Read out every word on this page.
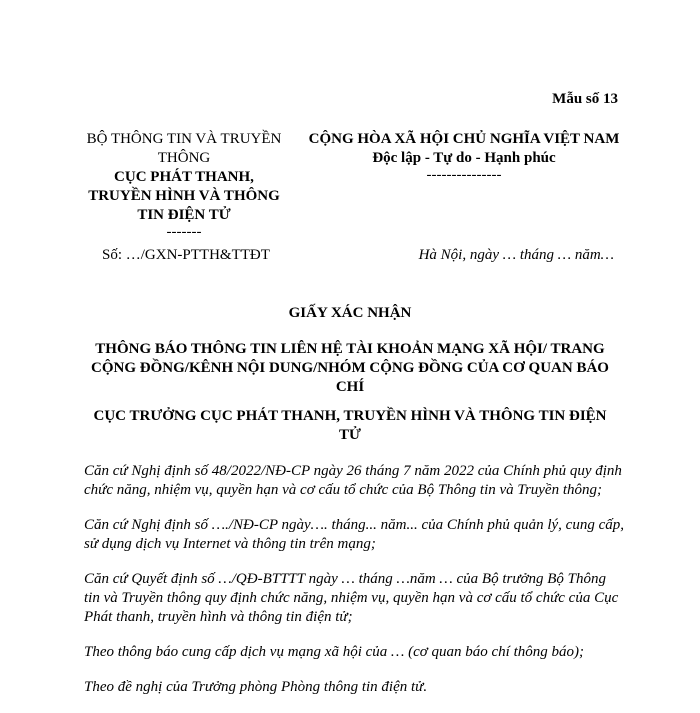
Mẫu số 13
BỘ THÔNG TIN VÀ TRUYỀN THÔNG
CỤC PHÁT THANH, TRUYỀN HÌNH VÀ THÔNG TIN ĐIỆN TỬ
-------
CỘNG HÒA XÃ HỘI CHỦ NGHĨA VIỆT NAM
Độc lập - Tự do - Hạnh phúc
---------------
Số: …/GXN-PTTH&TTĐT	Hà Nội, ngày … tháng … năm…
GIẤY XÁC NHẬN
THÔNG BÁO THÔNG TIN LIÊN HỆ TÀI KHOẢN MẠNG XÃ HỘI/ TRANG CỘNG ĐỒNG/KÊNH NỘI DUNG/NHÓM CỘNG ĐỒNG CỦA CƠ QUAN BÁO CHÍ
CỤC TRƯỞNG CỤC PHÁT THANH, TRUYỀN HÌNH VÀ THÔNG TIN ĐIỆN TỬ

Căn cứ Nghị định số 48/2022/NĐ-CP ngày 26 tháng 7 năm 2022 của Chính phủ quy định chức năng, nhiệm vụ, quyền hạn và cơ cấu tổ chức của Bộ Thông tin và Truyền thông;

Căn cứ Nghị định số …./NĐ-CP ngày…. tháng... năm... của Chính phủ quản lý, cung cấp, sử dụng dịch vụ Internet và thông tin trên mạng;

Căn cứ Quyết định số …/QĐ-BTTTT ngày … tháng …năm … của Bộ trưởng Bộ Thông tin và Truyền thông quy định chức năng, nhiệm vụ, quyền hạn và cơ cấu tổ chức của Cục Phát thanh, truyền hình và thông tin điện tử;

Theo thông báo cung cấp dịch vụ mạng xã hội của … (cơ quan báo chí thông báo);

Theo đề nghị của Trưởng phòng Phòng thông tin điện tử.
